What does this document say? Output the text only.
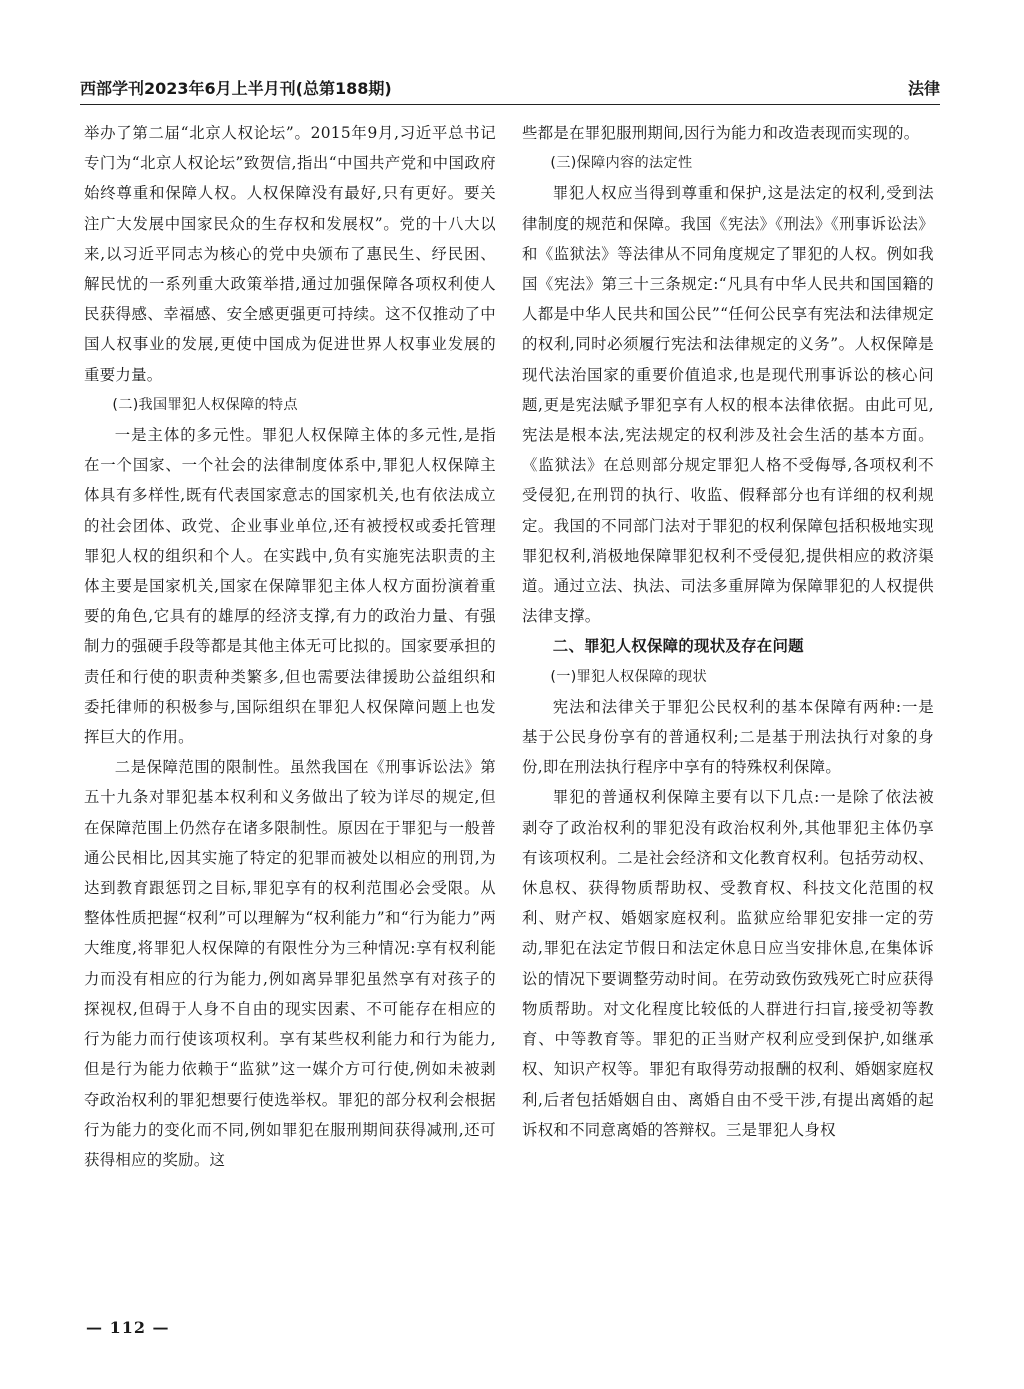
西部学刊2023年6月上半月刊(总第188期)	法律

举办了第二届“北京人权论坛”。2015年9月,习近平总书记专门为“北京人权论坛”致贺信,指出“中国共产党和中国政府始终尊重和保障人权。人权保障没有最好,只有更好。要关注广大发展中国家民众的生存权和发展权”。党的十八大以来,以习近平同志为核心的党中央颁布了惠民生、纾民困、解民忧的一系列重大政策举措,通过加强保障各项权利使人民获得感、幸福感、安全感更强更可持续。这不仅推动了中国人权事业的发展,更使中国成为促进世界人权事业发展的重要力量。

(二)我国罪犯人权保障的特点

一是主体的多元性。罪犯人权保障主体的多元性,是指在一个国家、一个社会的法律制度体系中,罪犯人权保障主体具有多样性,既有代表国家意志的国家机关,也有依法成立的社会团体、政党、企业事业单位,还有被授权或委托管理罪犯人权的组织和个人。在实践中,负有实施宪法职责的主体主要是国家机关,国家在保障罪犯主体人权方面扮演着重要的角色,它具有的雄厚的经济支撑,有力的政治力量、有强制力的强硬手段等都是其他主体无可比拟的。国家要承担的责任和行使的职责种类繁多,但也需要法律援助公益组织和委托律师的积极参与,国际组织在罪犯人权保障问题上也发挥巨大的作用。

二是保障范围的限制性。虽然我国在《刑事诉讼法》第五十九条对罪犯基本权利和义务做出了较为详尽的规定,但在保障范围上仍然存在诸多限制性。原因在于罪犯与一般普通公民相比,因其实施了特定的犯罪而被处以相应的刑罚,为达到教育跟惩罚之目标,罪犯享有的权利范围必会受限。从整体性质把握“权利”可以理解为“权利能力”和“行为能力”两大维度,将罪犯人权保障的有限性分为三种情况:享有权利能力而没有相应的行为能力,例如离异罪犯虽然享有对孩子的探视权,但碍于人身不自由的现实因素、不可能存在相应的行为能力而行使该项权利。享有某些权利能力和行为能力,但是行为能力依赖于“监狱”这一媒介方可行使,例如未被剥夺政治权利的罪犯想要行使选举权。罪犯的部分权利会根据行为能力的变化而不同,例如罪犯在服刑期间获得减刑,还可获得相应的奖励。这

些都是在罪犯服刑期间,因行为能力和改造表现而实现的。

(三)保障内容的法定性

罪犯人权应当得到尊重和保护,这是法定的权利,受到法律制度的规范和保障。我国《宪法》《刑法》《刑事诉讼法》和《监狱法》等法律从不同角度规定了罪犯的人权。例如我国《宪法》第三十三条规定:“凡具有中华人民共和国国籍的人都是中华人民共和国公民”“任何公民享有宪法和法律规定的权利,同时必须履行宪法和法律规定的义务”。人权保障是现代法治国家的重要价值追求,也是现代刑事诉讼的核心问题,更是宪法赋予罪犯享有人权的根本法律依据。由此可见,宪法是根本法,宪法规定的权利涉及社会生活的基本方面。《监狱法》在总则部分规定罪犯人格不受侮辱,各项权利不受侵犯,在刑罚的执行、收监、假释部分也有详细的权利规定。我国的不同部门法对于罪犯的权利保障包括积极地实现罪犯权利,消极地保障罪犯权利不受侵犯,提供相应的救济渠道。通过立法、执法、司法多重屏障为保障罪犯的人权提供法律支撑。

二、罪犯人权保障的现状及存在问题
(一)罪犯人权保障的现状

宪法和法律关于罪犯公民权利的基本保障有两种:一是基于公民身份享有的普通权利;二是基于刑法执行对象的身份,即在刑法执行程序中享有的特殊权利保障。

罪犯的普通权利保障主要有以下几点:一是除了依法被剥夺了政治权利的罪犯没有政治权利外,其他罪犯主体仍享有该项权利。二是社会经济和文化教育权利。包括劳动权、休息权、获得物质帮助权、受教育权、科技文化范围的权利、财产权、婚姻家庭权利。监狱应给罪犯安排一定的劳动,罪犯在法定节假日和法定休息日应当安排休息,在集体诉讼的情况下要调整劳动时间。在劳动致伤致残死亡时应获得物质帮助。对文化程度比较低的人群进行扫盲,接受初等教育、中等教育等。罪犯的正当财产权利应受到保护,如继承权、知识产权等。罪犯有取得劳动报酬的权利、婚姻家庭权利,后者包括婚姻自由、离婚自由不受干涉,有提出离婚的起诉权和不同意离婚的答辩权。三是罪犯人身权

— 112 —
